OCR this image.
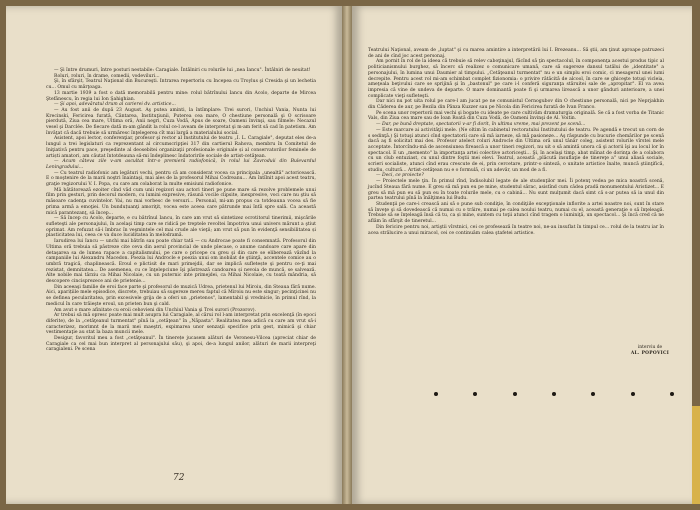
— Şi între drumuri, între posturi nestabile: Caragiale. Întâlniri cu rolurile lui „nea Iancu". Întâlniri de neuitat!

Roluri, roluri, în drame, comedii, vodeviluri...

Şi, în sfârşit, Teatrul Naţional din Bucureşti. Intrarea repertoriu cu Incepea cu Troylus şi Cresida şi un lechetia cu... Omul cu mârţoaga.

13 martie 1939 a fost o dată memorabilă pentru mine: rolul bătrînului Iancu din Acolo, departe de Mircea Ştefănescu, în regia lui Ion Şahighian.

— Şi apoi, adevăratul drum al carierei dv. artistice...

— Au fost anii de după 23 August. Aş putea aminti, la întîmplare: Trei surori, Unchiul Vania, Nunta lui Krecinski, Fericirea furată, Cântarea, Instituţiunii, Puterea cea mare, O chestiune personală şi O scrisoare pierdută, Ziua cea mare, Ultima oră, Anii negri, Cuza Vodă, Apus de soare, Oameni învinşi, sau filmele: Necazul vesel şi Darclée. De fiecare dată m-am gândit la rolul ce-l aveam de interpretat şi m-am ferit să cad în patetism. Am învăţat că dacă trebuie să urmăresc înţelegerea cît mai largă a materialului social.

Asistent, apoi lector, conferenţiar, profesor şi rector al Institutului de teatru „I. L. Caragiale", deputat eles de-a lungul a trei legislaturi ca reprezentant al circumscripţiei 317 din cartierul Rahova, membru în Comitetul de Iniţiativă pentru pace, preşedinte al deosebitei organizaţii profesionale originale și al conservatorilor feminele de artiști amatori, am căutat întotdeauna să-mi îndeplinesc îndatoririle sociale de artist-cetăţean.

— Acum câteva zile v-am ascultat într-o premieră radiofonică, în rolul lui Zavroduii din Bulevardul Leningradului...

— Cu teatrul radiofonic am legături vechi, pentru că am considerat vocea ca principala „unealtă" actoricească. E o moştenire de la marii noştri înaintaşi, mai ales de la profesorul Mihai Codreanu... Am întîlnit apoi acest teatru, graţie regizorului V. I. Popa, cu care am colaborat la multe emisiuni radiofonice.

Mă bătătorează ezoiter cînd văd cum unii regizori sau actori tineri pe pune mare să rezolve problemele unui film prin gesturi, prin decorul modern, cu lumini expresive, răsună vocile clipsite, inexpresive, voci care nu ştiu să măsoare cadenţa cuvintelor. Vai, nu mai vorbesc de versuri... Personal, mi-am propus ca totdeauna vocea să fie prima armă a emoţiei. Un bunduțuanţi amoriţit, vocea este aceea care pătrunde mai întîi spre sală. Ca această mică parantezanţ, să încep...

— Să încep cu Acolo, departe, e cu bătrînul Iancu, în care am vrut să sintetizez ocrotitorul tinerimii, mişcările sufleteşti ale personajului, în acelaşi timp care se ridică pe treptele revoltei împotriva unui univers mărunt a ştiut oprimat. Am refuzat să-i îmbrac în veşmintele cel mai crude ale vieţii; am vrut să pun în evidenţă sensibilitatea și plasticitatea lui, ceea ce va duce luciditatea în melodramă.

Iarudirea lui Iancu — unchi mai bătrîn sau poate chiar tată — cu Androcae poate fi consemnată. Profesorul din Ultima oră trebuia să păstreze cite ceva din aerul provincial de unde plecase, o anume candoare care apare din detaşarea sa de lumea rapace a capitalismului, pe care o pricepe cu greu şi din care se eliberează văzînd la campaniile lui Alexandru Macedon. Poezia lui Androcle e poezia unui om inobilat de ştiinţă, accentele comice au o umbră tragică, chaplinească. Eroul e plictisit de mari primejdii, dar se implică sufletește şi pentru ce-ţi mai rezistat, demnitatea... De asemenea, cu ce înţelepciune îşi păstrează candoarea și nevoia de muncă, se salvează. Alte nobile mai târziu ca Mihai Nicolaie, cu un puternic inte primejdei, ca Mihai Nicolaie, cu toată mândria, să descopere cincisprezece ani de prietenie...

Din aceeaşi familie de eroi face parte şi profesorul de muzică Udrea, prietenul lui Miroiu, din Steaua fără nume. Aici, aparițiile mele episodice, discrete, trebuiau să sugereze mereu faptul că Miroiu nu este singur; pecinţicinei nu se definea pecularitatea, prin excesivele grija de a oferi un „prietenos", lamentabil şi vrednicie, în primul rînd, la medicul în care trăieşte eroul, un prieten bun şi cald.

Am avut o mare afinitate cu eroii cehovieni din Unchiul Vania şi Trei surori (Prozorov).

Ar trebui să mă opresc poate mai mult asupra lui Caragiale, al cărui rol l-am interpretat prin excelenţă (în epoci diferite), de la „cetăţeanul turmentat" pînă la „cetăţean" în „Năpasta". Realitatea mea adică cu care am vrut să-i caracterizez, morimnt de la marii mei maeştri, expimarea unor senzaţii specifice prin gest, mimică şi chiar vestimentaţie au stat la baza muncii mele.

Desigur, favoritul meu a fost „cetăţeanul". În tinerețe jucasem alături de Veronesu-Vilcea (apreciat chiar de Caragiale ca cel mai bun interpret al personajului său), şi apoi, de-a lungul anilor, alături de marii interpreţi caragialeni. Pe scena

72

Teatrului Naţional, aveam de „luptat" şi cu marea amintire a interpretării lui I. Brezeanu... Să ştii, am ţinut aproape patruzeci de ani de cînd joc acest personaj.

Am pornit în rol de la ideea că trebuie să relev caboţinajul, făcînd să ţin spectacolul, în componenţa acestui produs tipic al politicianismului burghez, să încerc să realizez o comunicare umană, care să sugereze dansul tatălui de „identitate" a personajului, în lumina unui Daumier al timpului. „Cetăţeanul turmentat" nu e un simplu eroi comic, ci mesagerul unei lumi decrepite. Pentru acest rol mi-am schimbat complet fizionomia: o privire rătăcită de alcool, în care se ghiceşte totuşi vicleia, ameţeala beţivului care se sprijină şi în „bastonul" pe care i-l conferă siguranţa stăruitei sale de „apropitar". El va avea impresia că vine de undeva de departe. O mare dominantă poate fi şi urmarea lirească a unor gânduri anterioare, a unei complicate vieţi sufleteşti.

Dar nici nu pot uita rolul pe care-l am jucat pe ne comunistul Cernogubov din O chestiune personală, nici pe Neprjakhin din Căderea de aur, pe Bezila din Pânza Kuzzer sau pe Nicola din Fericirea furată de Ivan Franco.

Pe scena unor repertorii mai vechi şi bogate cu ideate pe care cultivăm dramaturgia originală. Se că a fost vorba de Titanic Vals, din Ziua cea mare sau de Ioan Roată din Cuza Vodă, de Oameni învinşi de Al. Voitin.

— Dar, pe bună dreptate, spectatorii v-ar fi dorit, în ultima vreme, mai prezent pe scenă...

— Este marcare ai activităţii mele. (Ne oltim în cabinetul rectoratului Institutului de teatru. Pe agendă e trecut un corn de s sedinţă.) Şi totuşi atunci cînd spectatorii care să mă iarneze, să mă pasioneze... Aş răspunde cu bucurie chemărilor pe scenă dacă aş fi solicitat mai des. Profesor atelect roluri Androcle din Ultima oră unul tânăr coleg, asistent rolurile vîrstei mele acceptate. Întorcîndu-mă de ascensiunea firească a unor tineri regizori, nu uit o să amintă unora că şi actorii îşi au locul lor în spectacol. E un „memento" la importanţa artei colective actoriceşti... Şi, în acelaşi timp, abat mîinat de dorinţa de a colabora cu un club entuziast, cu unul dintre foştii mei elevi. Teatrul, această „plăcută insuflaţie de tinereţe a" unui aliasă sociale, scrieri socialiste, atunci cînd erau crescute de ei, prin cercetare, printr-o sinteză, o unitate artistice înalte, muncă ştiinţifică, studiu, cultură... Artist-cetăţean nu e o formulă, ci un adevăr, un mod de a fi.

— Deci, ce proiecte?

— Proiectele mele ţin. În primul rînd, îndisolubil legate de ale studenţilor mei. Îi potenţ vedea pe mica noastră scenă, jucînd Steaua fără nume. E greu să mă pun eu pe mine, studentul sărac, asistînd cum cădea pradă monumentului Aristizet... E greu să mă pun eu să pun eu în toate rolurile mele, cu o cabină... Nu sunt mulţumit dacă simt că s-ar putea să ia unul din partea teatrului pînă la înălţimea lui Budu.

Studenţii pe care-i crească ani să o pune sub condiţie, în condiţiile excepţionale inflorite a artei noastre noi, sunt în stare să înveţe şi să dovedească că numai cu o trăire, numai pe calea noului teatru, numai cu el, această generaţie o să înţeleagă. Trebuie să se înţeleagă însă că tu, ca și mine, suntem cu toţii atunci cînd tragem o luminiţă, un spectacol... Şi încă cred că ne aflăm în sfârşit de tineretul...

Din fericire pentru noi, artiştii vîrstnici, cei ce profesează în teatre noi, ne-au insuflat în timpul ce... rolul de la teatru iar în acea strălucire a unui miracol, cei ce continuăm calea ştafetei artistice.

interviu de
AL. POPOVICI
